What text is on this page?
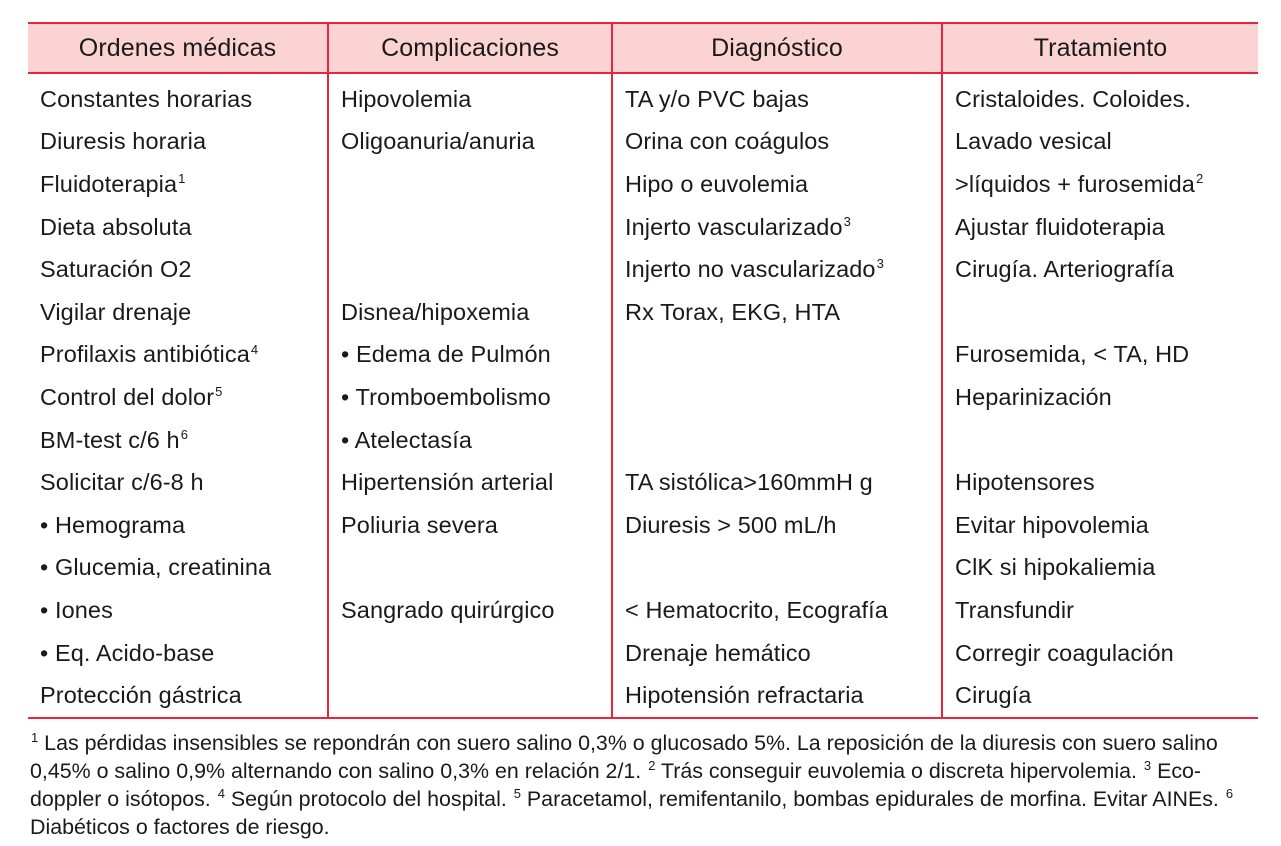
Ordenes médicas	Complicaciones	Diagnóstico	Tratamiento
Constantes horarias	Hipovolemia	TA y/o PVC bajas	Cristaloides. Coloides.
Diuresis horaria	Oligoanuria/anuria	Orina con coágulos	Lavado vesical
Fluidoterapia$^1$		Hipo o euvolemia	>líquidos + furosemida$^2$
Dieta absoluta		Injerto vascularizado$^3$	Ajustar fluidoterapia
Saturación O2		Injerto no vascularizado$^3$	Cirugía. Arteriografía
Vigilar drenaje	Disnea/hipoxemia	Rx Torax, EKG, HTA	
Profilaxis antibiótica$^4$	• Edema de Pulmón		Furosemida, < TA, HD
Control del dolor$^5$	• Tromboembolismo		Heparinización
BM-test c/6 $h^6$	• Atelectasía		
Solicitar c/6-8 h	Hipertensión arterial	TA sistólica>160mmH g	Hipotensores
• Hemograma	Poliuria severa	Diuresis > 500 mL/h	Evitar hipovolemia
• Glucemia, creatinina			ClK si hipokaliemia
• Iones	Sangrado quirúrgico	< Hematocrito, Ecografía	Transfundir
• Eq. Acido-base		Drenaje hemático	Corregir coagulación
Protección gástrica		Hipotensión refractaria	Cirugía
$^1$ Las pérdidas insensibles se repondrán con suero salino 0,3% o glucosado 5%. La reposición de la diuresis con suero salino 0,45% o salino 0,9% alternando con salino 0,3% en relación 2/1. $^2$ Trás conseguir euvolemia o discreta hipervolemia. $^3$ Eco-doppler o isótopos. $^4$ Según protocolo del hospital. $^5$ Paracetamol, remifentanilo, bombas epidurales de morfina. Evitar AINEs. $^6$ Diabéticos o factores de riesgo.
